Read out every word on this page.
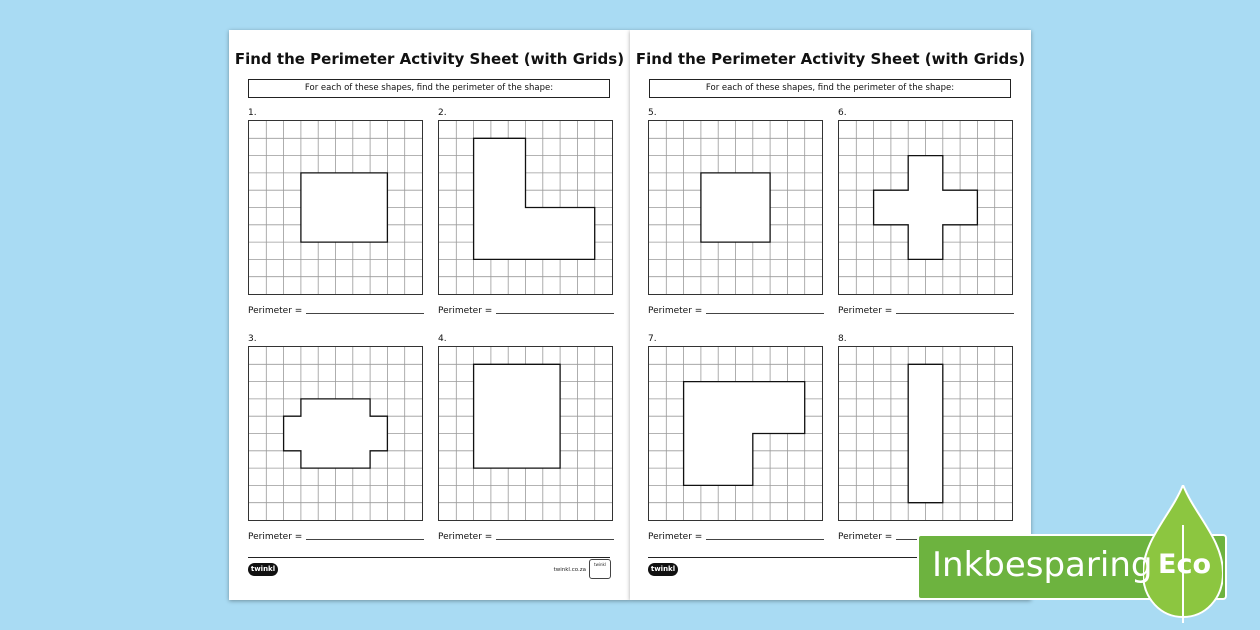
Find the Perimeter Activity Sheet (with Grids)
For each of these shapes, find the perimeter of the shape:
1.
Perimeter =
2.
Perimeter =
3.
Perimeter =
4.
Perimeter =
twinkl	twinkl.co.za
twinkl
Find the Perimeter Activity Sheet (with Grids)
For each of these shapes, find the perimeter of the shape:
5.
Perimeter =
6.
Perimeter =
7.
Perimeter =
8.
Perimeter =
twinkl	Inkbesparing Eco
